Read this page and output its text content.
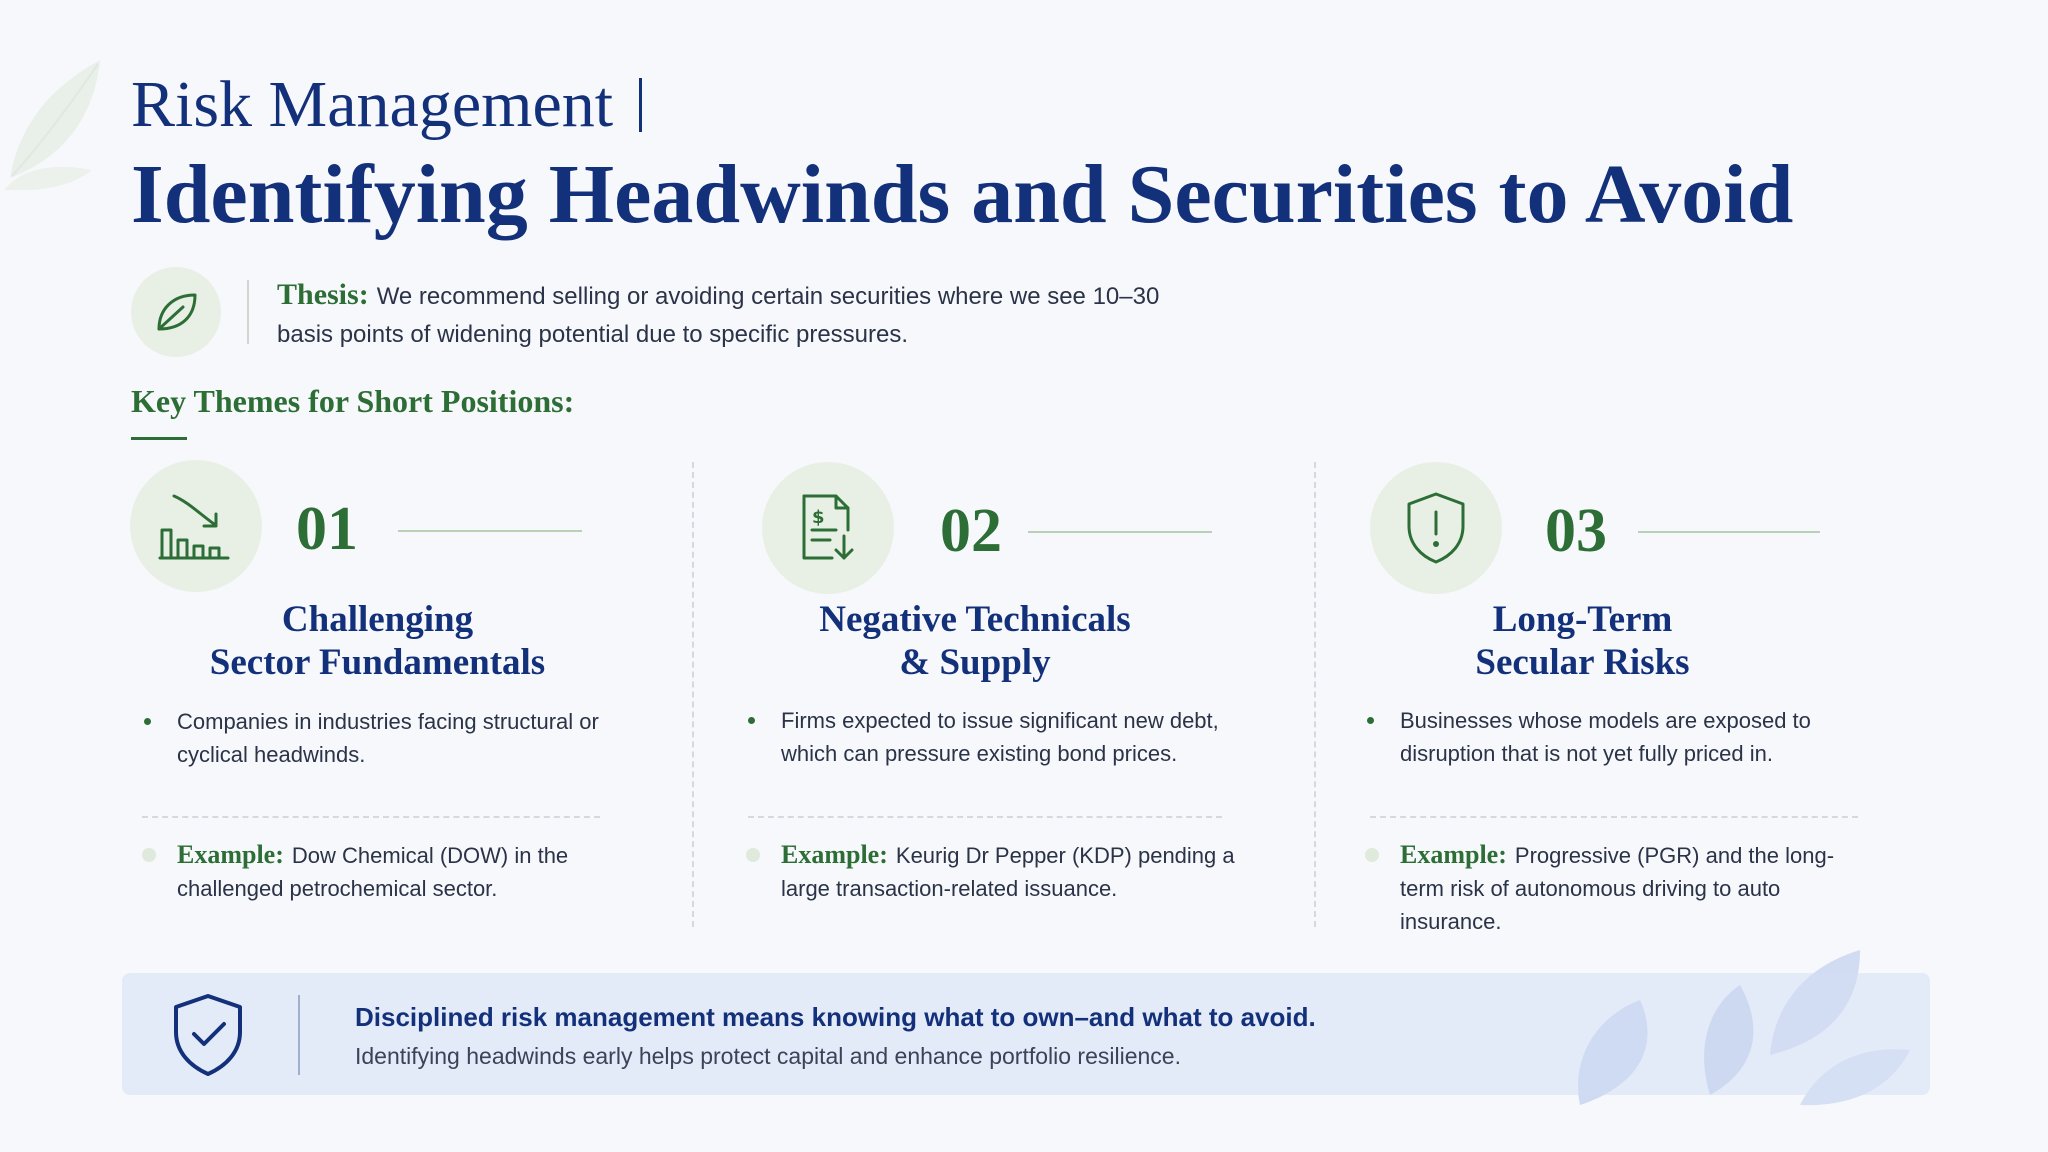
Risk Management
Identifying Headwinds and Securities to Avoid
Thesis: We recommend selling or avoiding certain securities where we see 10–30 basis points of widening potential due to specific pressures.
Key Themes for Short Positions:
01
Challenging
Sector Fundamentals
Companies in industries facing structural or cyclical headwinds.
Example: Dow Chemical (DOW) in the challenged petrochemical sector.
$ 02
Negative Technicals
& Supply
Firms expected to issue significant new debt, which can pressure existing bond prices.
Example: Keurig Dr Pepper (KDP) pending a large transaction-related issuance.
03
Long-Term
Secular Risks
Businesses whose models are exposed to disruption that is not yet fully priced in.
Example: Progressive (PGR) and the long-term risk of autonomous driving to auto insurance.
Disciplined risk management means knowing what to own–and what to avoid.
Identifying headwinds early helps protect capital and enhance portfolio resilience.
